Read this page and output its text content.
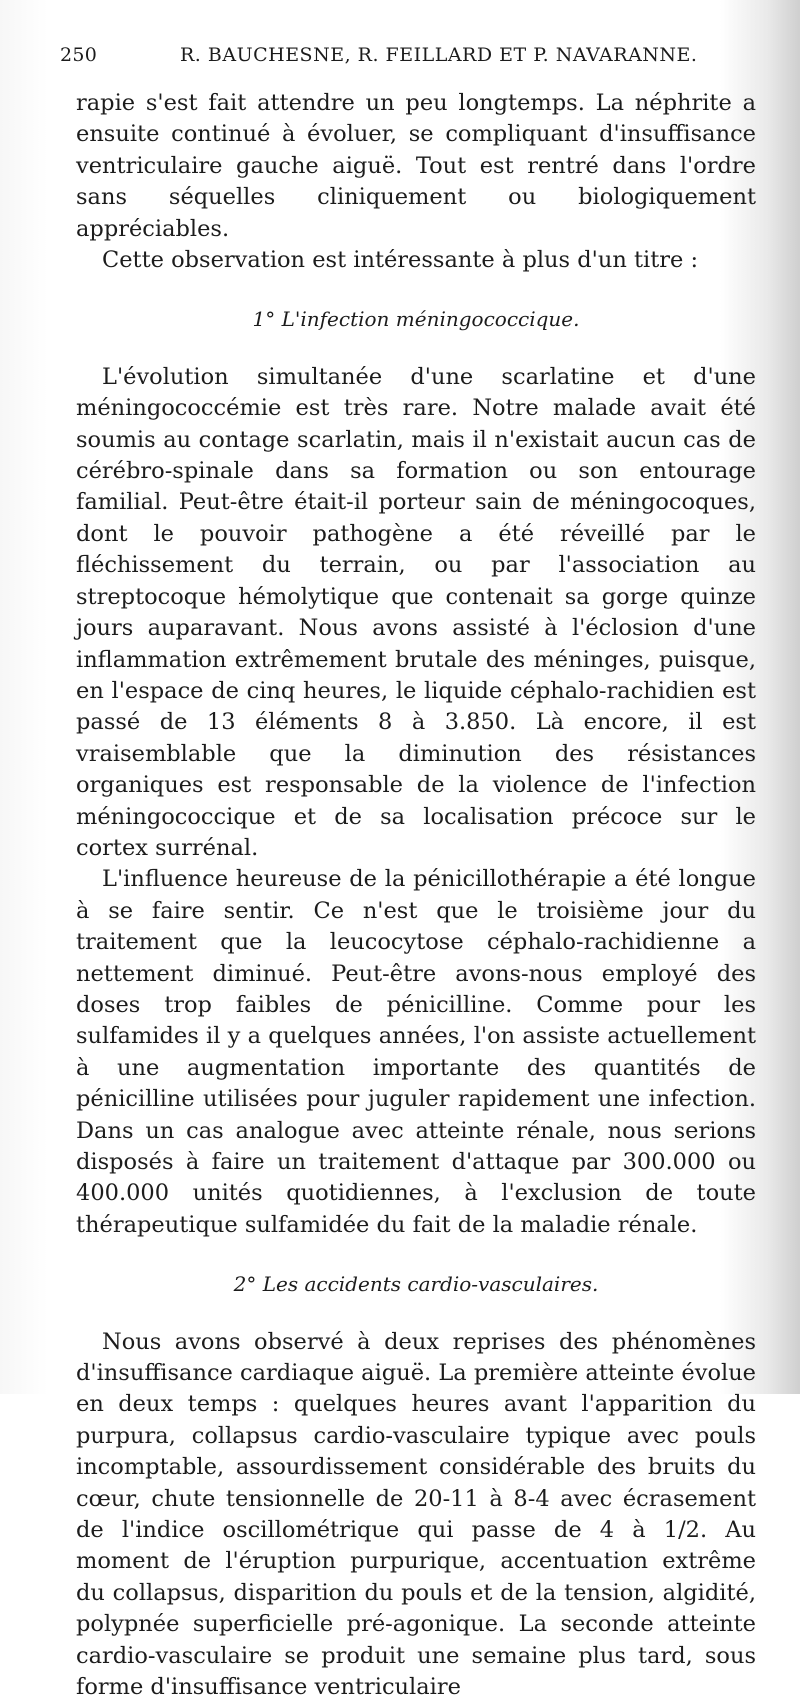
250	R. BAUCHESNE, R. FEILLARD ET P. NAVARANNE.

rapie s'est fait attendre un peu longtemps. La néphrite a ensuite continué à évoluer, se compliquant d'insuffisance ventriculaire gauche aiguë. Tout est rentré dans l'ordre sans séquelles cliniquement ou biologiquement appréciables.

Cette observation est intéressante à plus d'un titre :

1° L'infection méningococcique.

L'évolution simultanée d'une scarlatine et d'une méningococcémie est très rare. Notre malade avait été soumis au contage scarlatin, mais il n'existait aucun cas de cérébro-spinale dans sa formation ou son entourage familial. Peut-être était-il porteur sain de méningocoques, dont le pouvoir pathogène a été réveillé par le fléchissement du terrain, ou par l'association au streptocoque hémolytique que contenait sa gorge quinze jours auparavant. Nous avons assisté à l'éclosion d'une inflammation extrêmement brutale des méninges, puisque, en l'espace de cinq heures, le liquide céphalo-rachidien est passé de 13 éléments 8 à 3.850. Là encore, il est vraisemblable que la diminution des résistances organiques est responsable de la violence de l'infection méningococcique et de sa localisation précoce sur le cortex surrénal.

L'influence heureuse de la pénicillothérapie a été longue à se faire sentir. Ce n'est que le troisième jour du traitement que la leucocytose céphalo-rachidienne a nettement diminué. Peut-être avons-nous employé des doses trop faibles de pénicilline. Comme pour les sulfamides il y a quelques années, l'on assiste actuellement à une augmentation importante des quantités de pénicilline utilisées pour juguler rapidement une infection. Dans un cas analogue avec atteinte rénale, nous serions disposés à faire un traitement d'attaque par 300.000 ou 400.000 unités quotidiennes, à l'exclusion de toute thérapeutique sulfamidée du fait de la maladie rénale.

2° Les accidents cardio-vasculaires.

Nous avons observé à deux reprises des phénomènes d'insuffisance cardiaque aiguë. La première atteinte évolue en deux temps : quelques heures avant l'apparition du purpura, collapsus cardio-vasculaire typique avec pouls incomptable, assourdissement considérable des bruits du cœur, chute tensionnelle de 20-11 à 8-4 avec écrasement de l'indice oscillométrique qui passe de 4 à 1/2. Au moment de l'éruption purpurique, accentuation extrême du collapsus, disparition du pouls et de la tension, algidité, polypnée superficielle pré-agonique. La seconde atteinte cardio-vasculaire se produit une semaine plus tard, sous forme d'insuffisance ventriculaire
